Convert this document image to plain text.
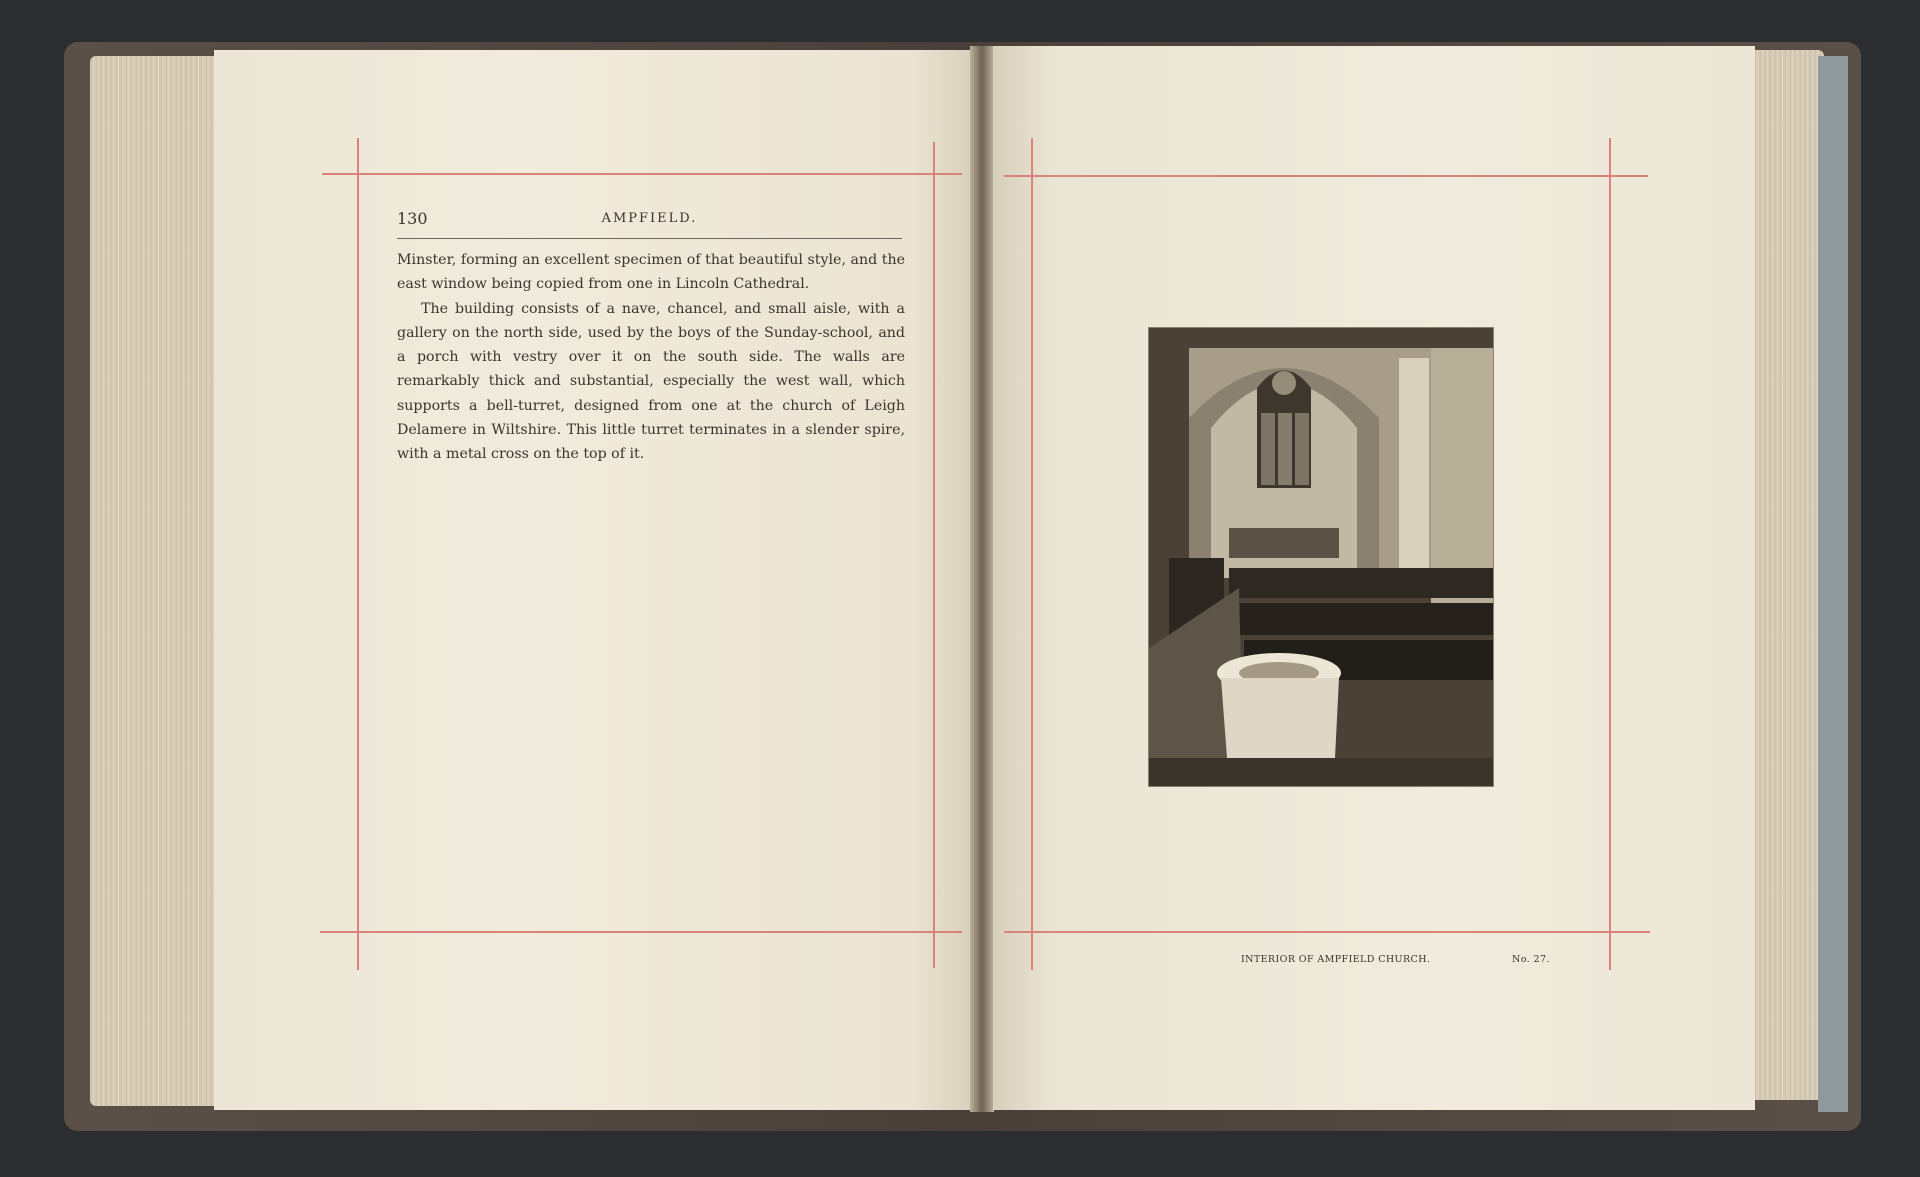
130	AMPFIELD.

Minster, forming an excellent specimen of that beautiful style, and the east window being copied from one in Lincoln Cathedral.

The building consists of a nave, chancel, and small aisle, with a gallery on the north side, used by the boys of the Sunday-school, and a porch with vestry over it on the south side. The walls are remarkably thick and substantial, especially the west wall, which supports a bell-turret, designed from one at the church of Leigh Delamere in Wiltshire. This little turret terminates in a slender spire, with a metal cross on the top of it.

INTERIOR OF AMPFIELD CHURCH.	No. 27.
